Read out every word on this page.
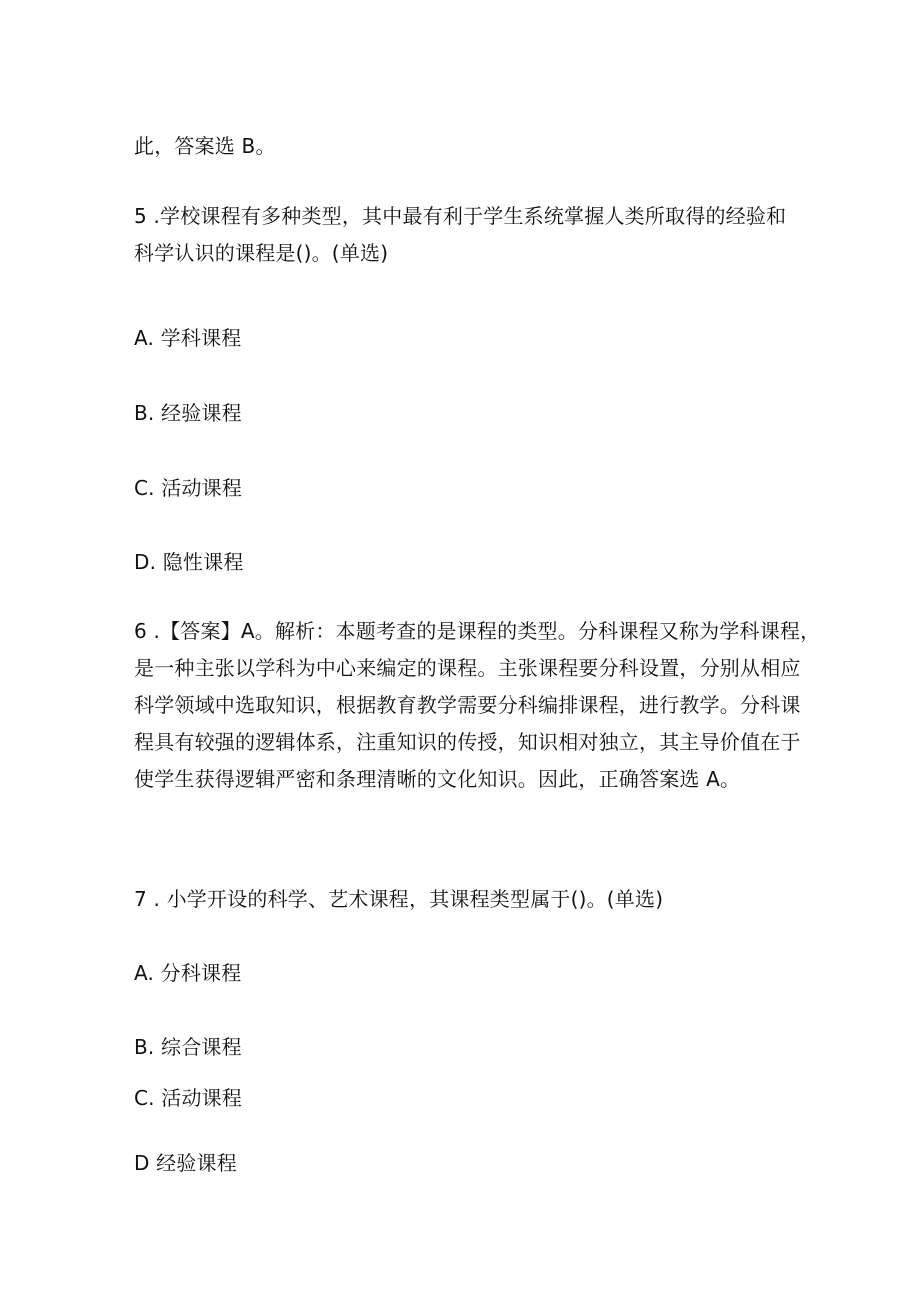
此，答案选 B。
5 .学校课程有多种类型，其中最有利于学生系统掌握人类所取得的经验和
科学认识的课程是()。(单选)
A. 学科课程
B. 经验课程
C. 活动课程
D. 隐性课程
6 .【答案】A。解析：本题考查的是课程的类型。分科课程又称为学科课程，
是一种主张以学科为中心来编定的课程。主张课程要分科设置，分别从相应
科学领域中选取知识，根据教育教学需要分科编排课程，进行教学。分科课
程具有较强的逻辑体系，注重知识的传授，知识相对独立，其主导价值在于
使学生获得逻辑严密和条理清晰的文化知识。因此，正确答案选 A。
7 . 小学开设的科学、艺术课程，其课程类型属于()。(单选)
A. 分科课程
B. 综合课程
C. 活动课程
D 经验课程
